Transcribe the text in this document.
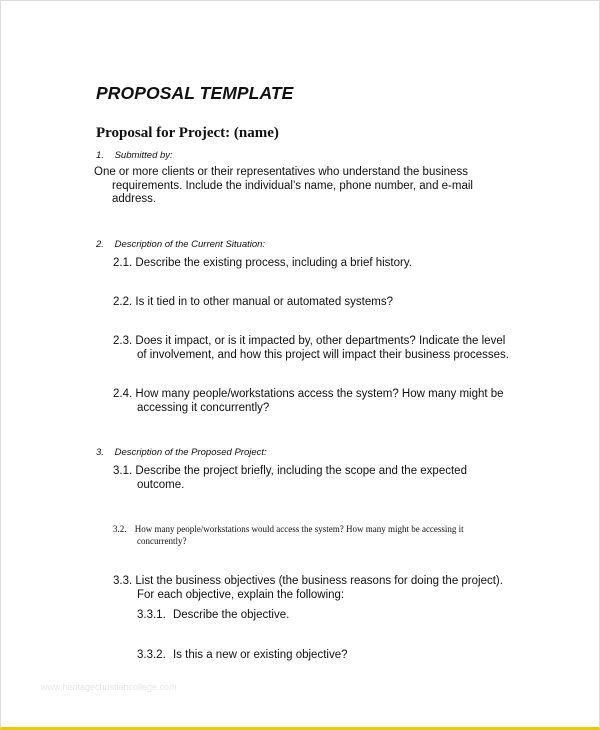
PROPOSAL TEMPLATE

Proposal for Project: (name)

1. Submitted by:
One or more clients or their representatives who understand the business
requirements. Include the individual’s name, phone number, and e-mail
address.
2. Description of the Current Situation:
2.1. Describe the existing process, including a brief history.
2.2. Is it tied in to other manual or automated systems?
2.3. Does it impact, or is it impacted by, other departments? Indicate the level
of involvement, and how this project will impact their business processes.
2.4. How many people/workstations access the system? How many might be
accessing it concurrently?
3. Description of the Proposed Project:
3.1. Describe the project briefly, including the scope and the expected
outcome.
3.2. How many people/workstations would access the system? How many might be accessing it
concurrently?
3.3. List the business objectives (the business reasons for doing the project).
For each objective, explain the following:
3.3.1. Describe the objective.
3.3.2. Is this a new or existing objective?
www.heritagechristiancollege.com
